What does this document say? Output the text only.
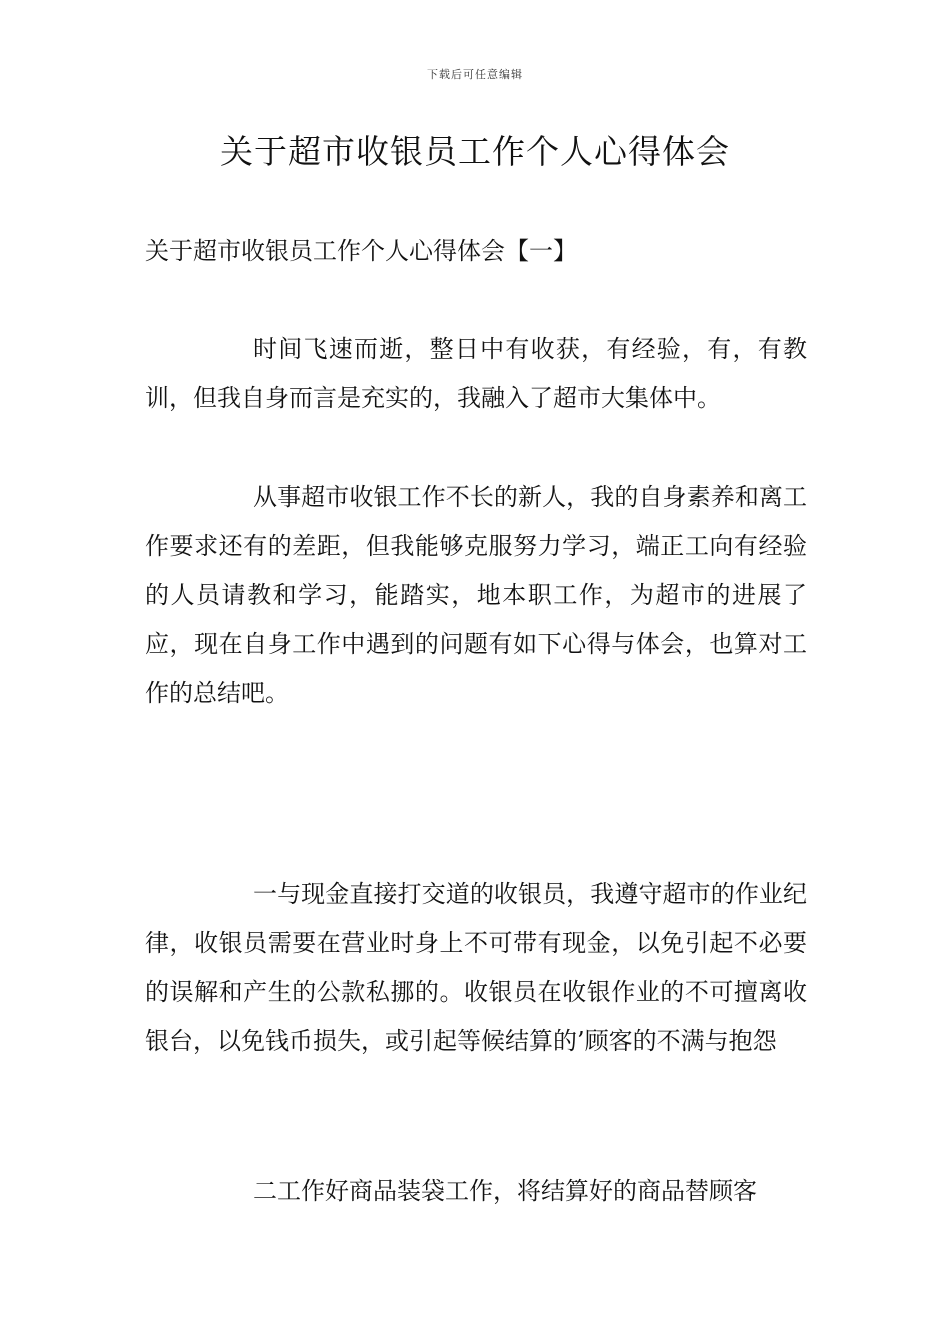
下载后可任意编辑
关于超市收银员工作个人心得体会
关于超市收银员工作个人心得体会【一】

时间飞速而逝，整日中有收获，有经验，有，有教训，但我自身而言是充实的，我融入了超市大集体中。

从事超市收银工作不长的新人，我的自身素养和离工作要求还有的差距，但我能够克服努力学习，端正工向有经验的人员请教和学习，能踏实，地本职工作，为超市的进展了应，现在自身工作中遇到的问题有如下心得与体会，也算对工作的总结吧。

一与现金直接打交道的收银员，我遵守超市的作业纪律，收银员需要在营业时身上不可带有现金，以免引起不必要的误解和产生的公款私挪的。收银员在收银作业的不可擅离收银台，以免钱币损失，或引起等候结算的’顾客的不满与抱怨

二工作好商品装袋工作，将结算好的商品替顾客
